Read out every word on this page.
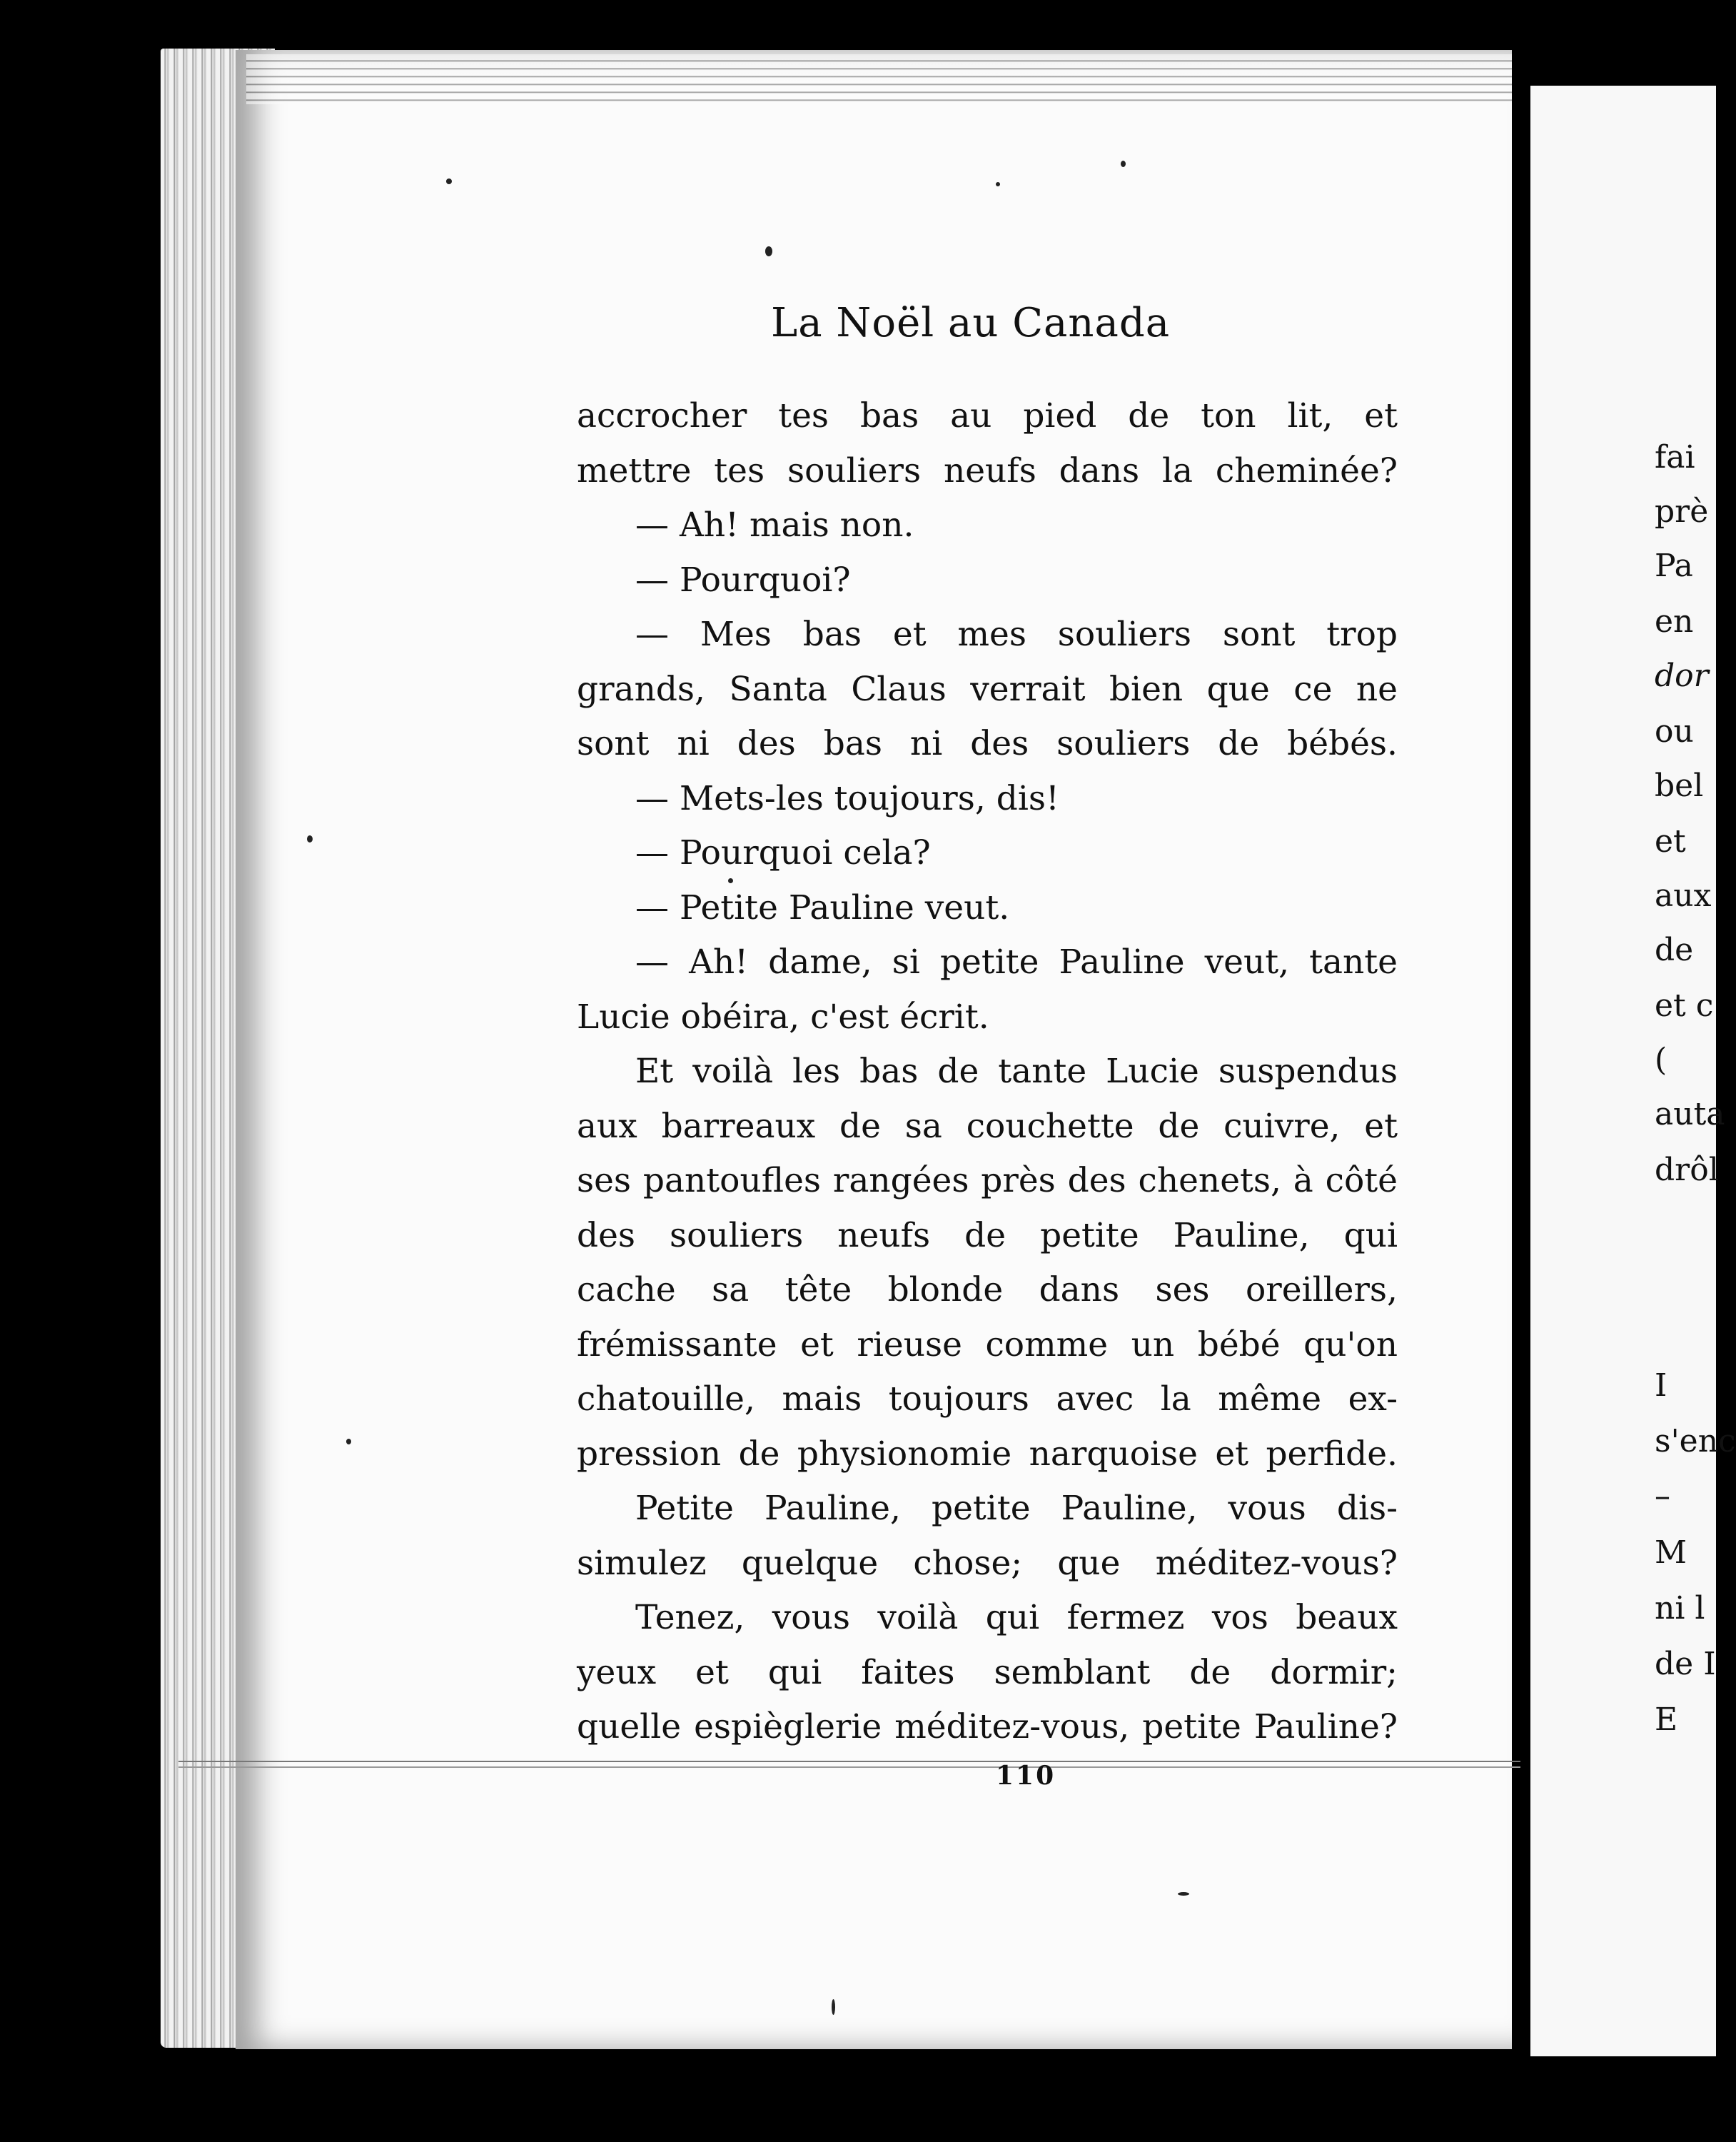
La Noël au Canada
accrocher tes bas au pied de ton lit, et
mettre tes souliers neufs dans la cheminée?
— Ah! mais non.
— Pourquoi?
— Mes bas et mes souliers sont trop
grands, Santa Claus verrait bien que ce ne
sont ni des bas ni des souliers de bébés.
— Mets-les toujours, dis!
— Pourquoi cela?
— Petite Pauline veut.
— Ah! dame, si petite Pauline veut, tante
Lucie obéira, c'est écrit.
Et voilà les bas de tante Lucie suspendus
aux barreaux de sa couchette de cuivre, et
ses pantoufles rangées près des chenets, à côté
des souliers neufs de petite Pauline, qui
cache sa tête blonde dans ses oreillers,
frémissante et rieuse comme un bébé qu'on
chatouille, mais toujours avec la même ex-
pression de physionomie narquoise et perfide.
Petite Pauline, petite Pauline, vous dis-
simulez quelque chose; que méditez-vous?
Tenez, vous voilà qui fermez vos beaux
yeux et qui faites semblant de dormir;
quelle espièglerie méditez-vous, petite Pauline?
110
fai
prè
Pa
en
dor
ou
bel
et
aux
de
et c
(
auta
drôl
I
s'enc
–
M
ni l
de I
E
